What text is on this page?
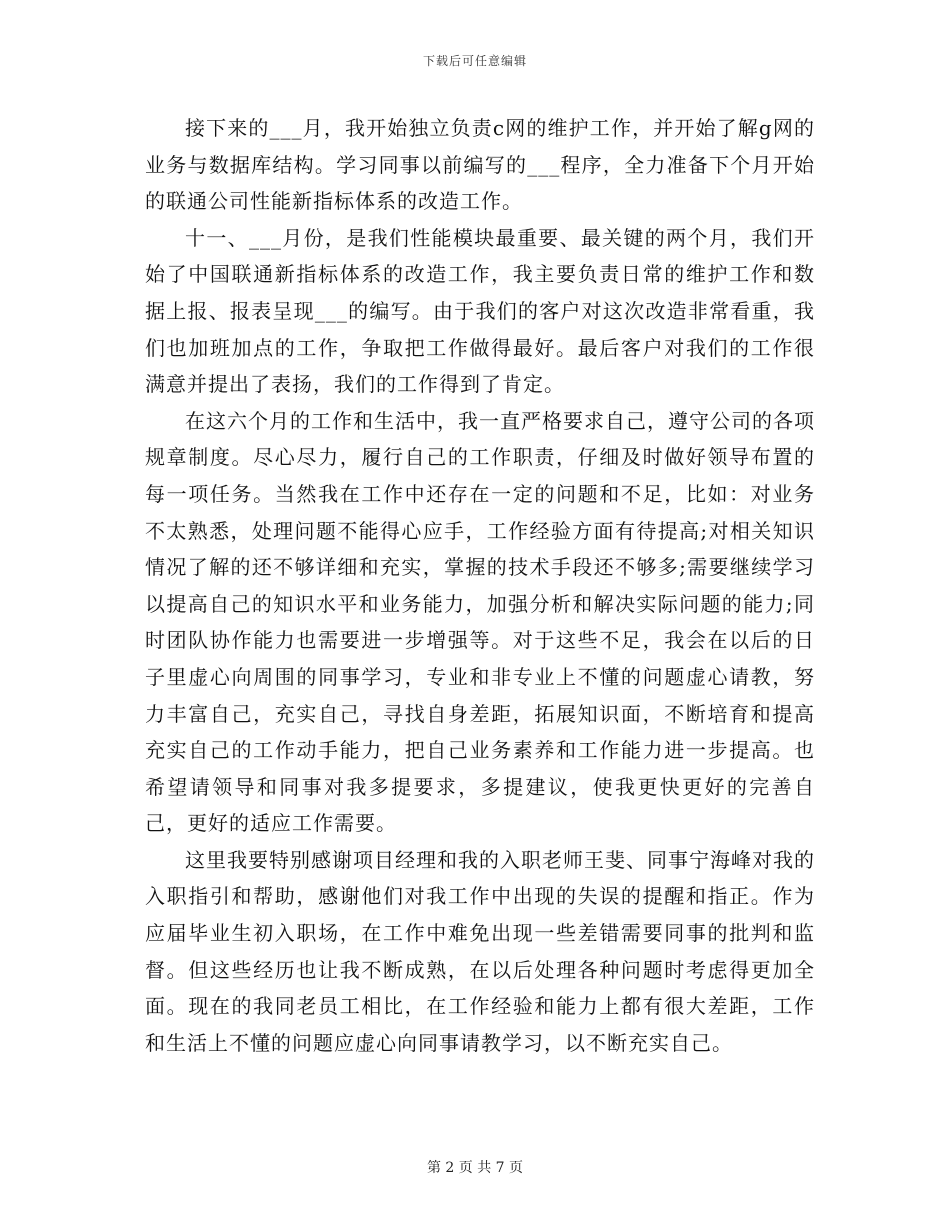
下载后可任意编辑

接下来的___月，我开始独立负责c网的维护工作，并开始了解g网的业务与数据库结构。学习同事以前编写的___程序，全力准备下个月开始的联通公司性能新指标体系的改造工作。

十一、___月份，是我们性能模块最重要、最关键的两个月，我们开始了中国联通新指标体系的改造工作，我主要负责日常的维护工作和数据上报、报表呈现___的编写。由于我们的客户对这次改造非常看重，我们也加班加点的工作，争取把工作做得最好。最后客户对我们的工作很满意并提出了表扬，我们的工作得到了肯定。

在这六个月的工作和生活中，我一直严格要求自己，遵守公司的各项规章制度。尽心尽力，履行自己的工作职责，仔细及时做好领导布置的每一项任务。当然我在工作中还存在一定的问题和不足，比如：对业务不太熟悉，处理问题不能得心应手，工作经验方面有待提高;对相关知识情况了解的还不够详细和充实，掌握的技术手段还不够多;需要继续学习以提高自己的知识水平和业务能力，加强分析和解决实际问题的能力;同时团队协作能力也需要进一步增强等。对于这些不足，我会在以后的日子里虚心向周围的同事学习，专业和非专业上不懂的问题虚心请教，努力丰富自己，充实自己，寻找自身差距，拓展知识面，不断培育和提高充实自己的工作动手能力，把自己业务素养和工作能力进一步提高。也希望请领导和同事对我多提要求，多提建议，使我更快更好的完善自己，更好的适应工作需要。

这里我要特别感谢项目经理和我的入职老师王斐、同事宁海峰对我的入职指引和帮助，感谢他们对我工作中出现的失误的提醒和指正。作为应届毕业生初入职场，在工作中难免出现一些差错需要同事的批判和监督。但这些经历也让我不断成熟，在以后处理各种问题时考虑得更加全面。现在的我同老员工相比，在工作经验和能力上都有很大差距，工作和生活上不懂的问题应虚心向同事请教学习，以不断充实自己。

第 2 页 共 7 页
